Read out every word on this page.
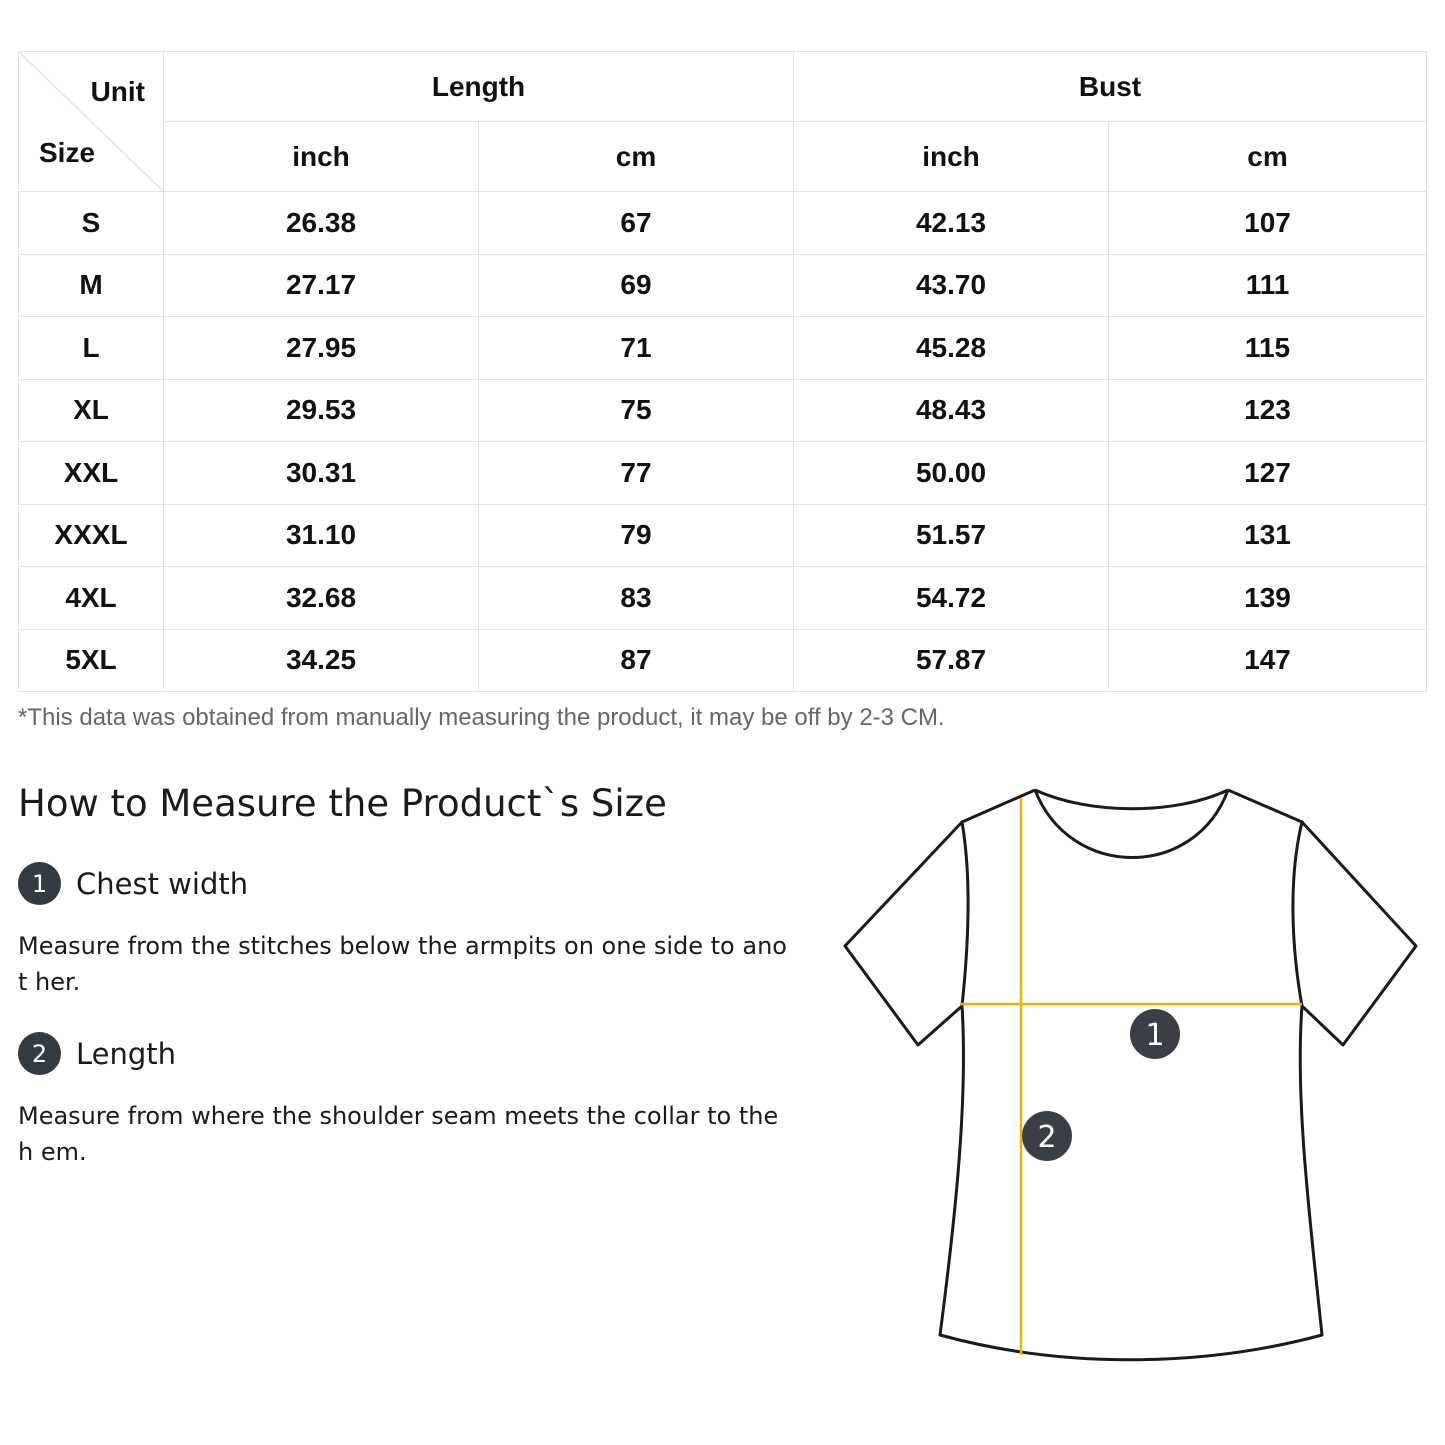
Unit
Size	Length		Bust	
	inch	cm	inch	cm
S	26.38	67	42.13	107
M	27.17	69	43.70	111
L	27.95	71	45.28	115
XL	29.53	75	48.43	123
XXL	30.31	77	50.00	127
XXXL	31.10	79	51.57	131
4XL	32.68	83	54.72	139
5XL	34.25	87	57.87	147
*This data was obtained from manually measuring the product, it may be off by 2-3 CM.
How to Measure the Product`s Size
1 Chest width
Measure from the stitches below the armpits on one side to anot her.
2 Length
Measure from where the shoulder seam meets the collar to the h em.
1
2
